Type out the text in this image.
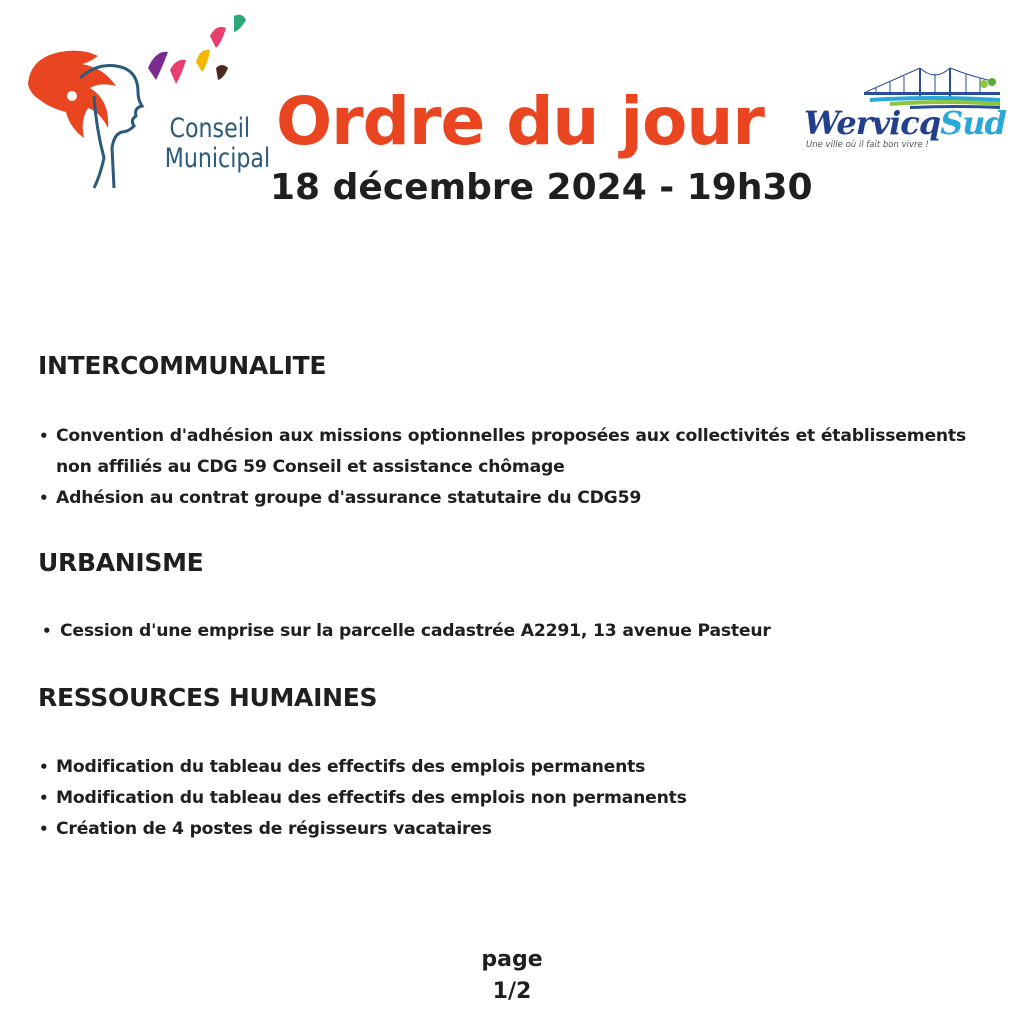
Conseil
Municipal Ordre du jour
18 décembre 2024 - 19h30
WervicqSud
Une ville où il fait bon vivre !
INTERCOMMUNALITE
• Convention d'adhésion aux missions optionnelles proposées aux collectivités et établissements non affiliés au CDG 59 Conseil et assistance chômage
• Adhésion au contrat groupe d'assurance statutaire du CDG59
URBANISME
• Cession d'une emprise sur la parcelle cadastrée A2291, 13 avenue Pasteur
RESSOURCES HUMAINES
• Modification du tableau des effectifs des emplois permanents
• Modification du tableau des effectifs des emplois non permanents
• Création de 4 postes de régisseurs vacataires
page
1/2
